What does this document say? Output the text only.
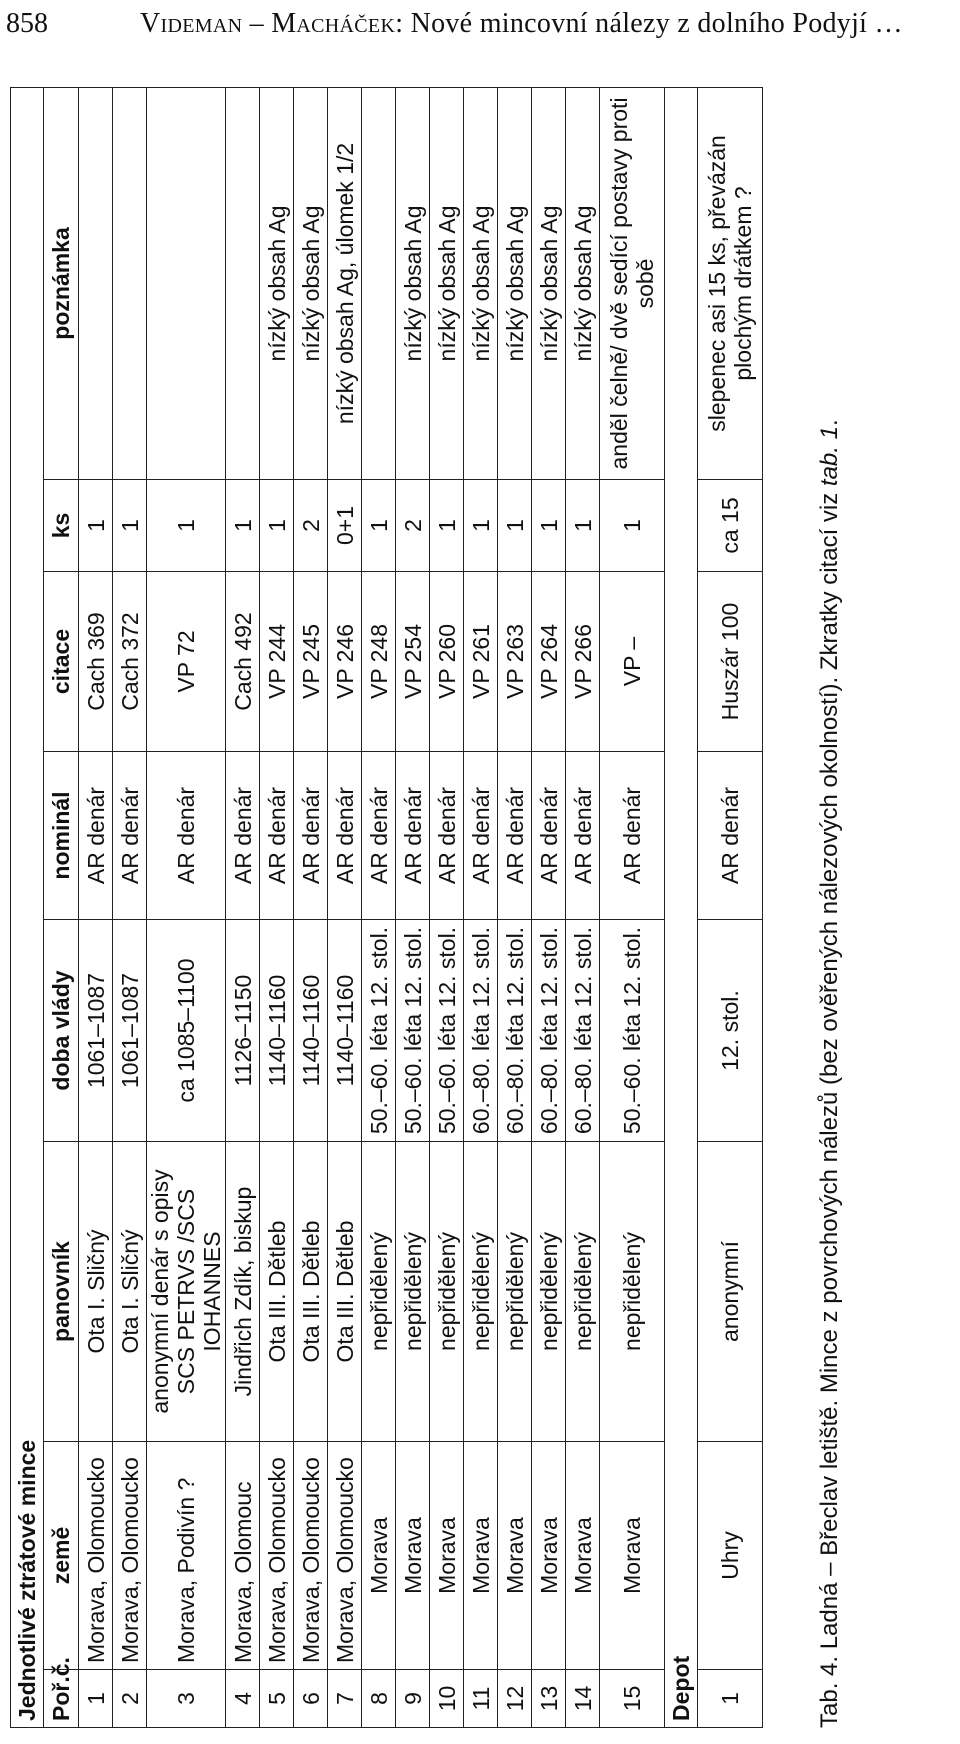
858	Videman – Macháček: Nové mincovní nálezy z dolního Podyjí …
Jednotlivé ztrátové mince							
Poř.č.	země	panovník	doba vlády	nominál	citace	ks	poznámka
1	Morava, Olomoucko	Ota I. Sličný	1061–1087	AR denár	Cach 369	1	
2	Morava, Olomoucko	Ota I. Sličný	1061–1087	AR denár	Cach 372	1	
3	Morava, Podivín ?	anonymní denár s opisy SCS PETRVS /SCS IOHANNES	ca 1085–1100	AR denár	VP 72	1	
4	Morava, Olomouc	Jindřich Zdík, biskup	1126–1150	AR denár	Cach 492	1	
5	Morava, Olomoucko	Ota III. Dětleb	1140–1160	AR denár	VP 244	1	nízký obsah Ag
6	Morava, Olomoucko	Ota III. Dětleb	1140–1160	AR denár	VP 245	2	nízký obsah Ag
7	Morava, Olomoucko	Ota III. Dětleb	1140–1160	AR denár	VP 246	0+1	nízký obsah Ag, úlomek 1/2
8	Morava	nepřidělený	50.–60. léta 12. stol.	AR denár	VP 248	1	
9	Morava	nepřidělený	50.–60. léta 12. stol.	AR denár	VP 254	2	nízký obsah Ag
10	Morava	nepřidělený	50.–60. léta 12. stol.	AR denár	VP 260	1	nízký obsah Ag
11	Morava	nepřidělený	60.–80. léta 12. stol.	AR denár	VP 261	1	nízký obsah Ag
12	Morava	nepřidělený	60.–80. léta 12. stol.	AR denár	VP 263	1	nízký obsah Ag
13	Morava	nepřidělený	60.–80. léta 12. stol.	AR denár	VP 264	1	nízký obsah Ag
14	Morava	nepřidělený	60.–80. léta 12. stol.	AR denár	VP 266	1	nízký obsah Ag
15	Morava	nepřidělený	50.–60. léta 12. stol.	AR denár	VP –	1	anděl čelně/ dvě sedící postavy proti sobě
Depot							
1	Uhry	anonymní	12. stol.	AR denár	Huszár 100	ca 15	slepenec asi 15 ks, převázán plochým drátkem ?
Tab. 4. Ladná – Břeclav letiště. Mince z povrchových nálezů (bez ověřených nálezových okolností). Zkratky citací viz tab. 1.
